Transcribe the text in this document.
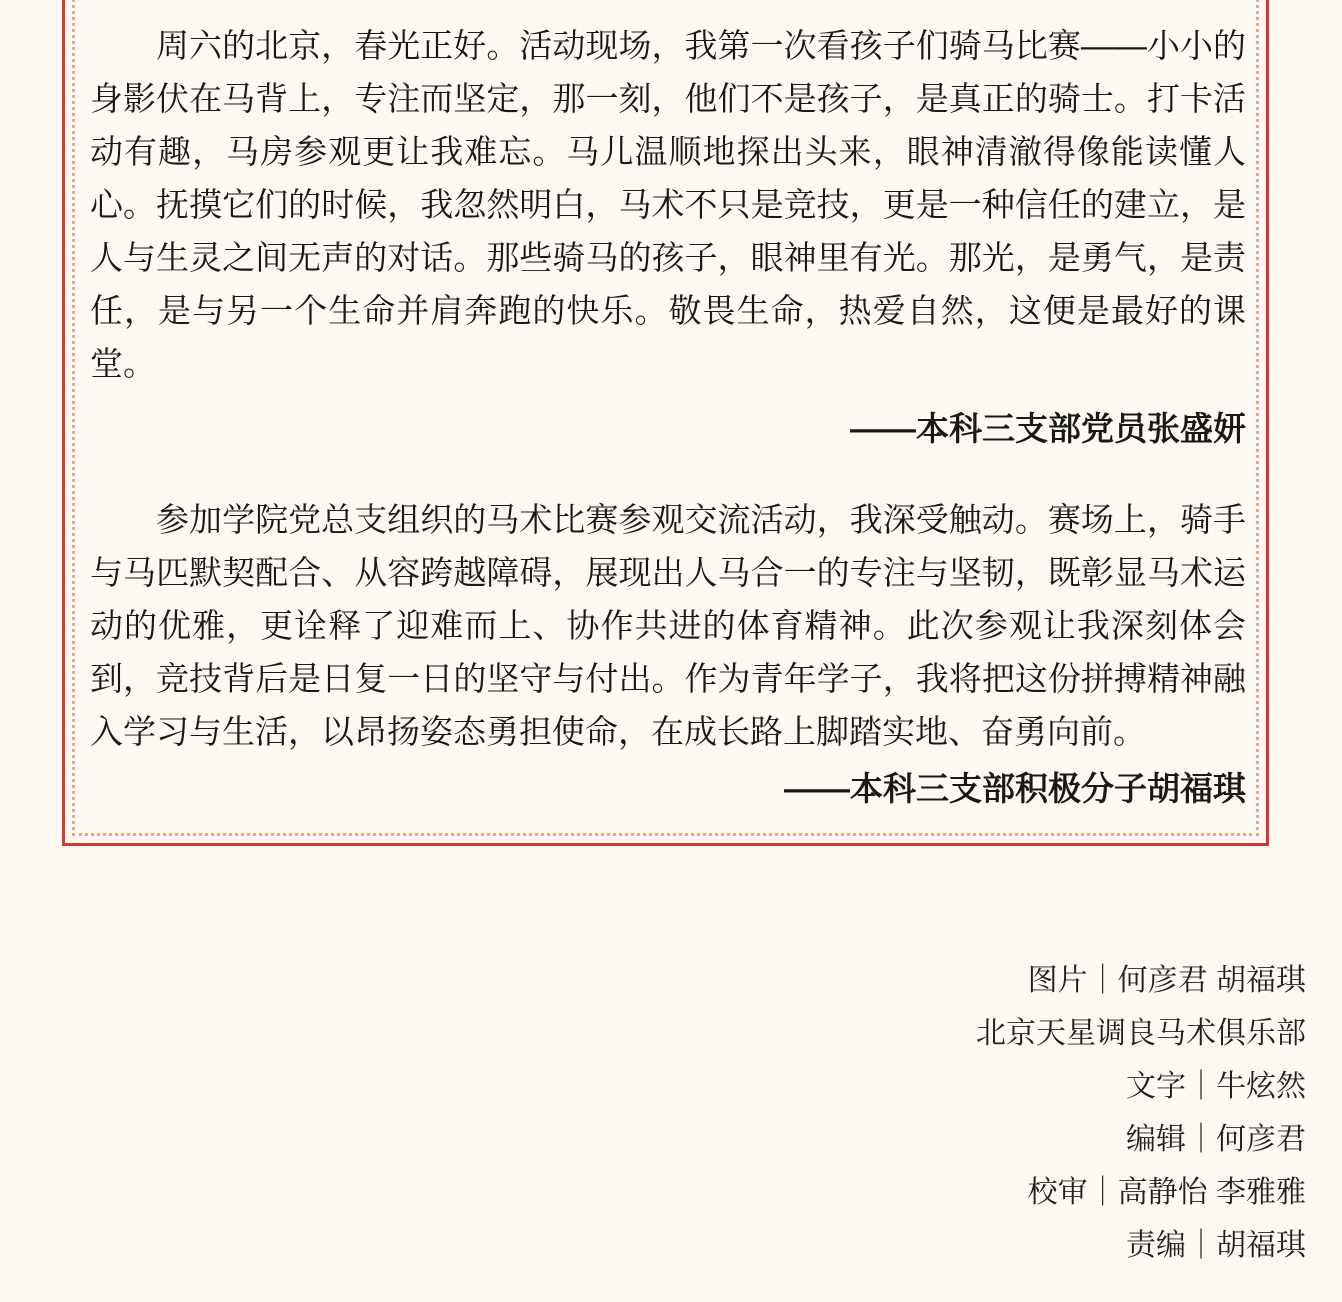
周六的北京，春光正好。活动现场，我第一次看孩子们骑马比赛——小小的身影伏在马背上，专注而坚定，那一刻，他们不是孩子，是真正的骑士。打卡活动有趣，马房参观更让我难忘。马儿温顺地探出头来，眼神清澈得像能读懂人心。抚摸它们的时候，我忽然明白，马术不只是竞技，更是一种信任的建立，是人与生灵之间无声的对话。那些骑马的孩子，眼神里有光。那光，是勇气，是责任，是与另一个生命并肩奔跑的快乐。敬畏生命，热爱自然，这便是最好的课堂。

——本科三支部党员张盛妍

参加学院党总支组织的马术比赛参观交流活动，我深受触动。赛场上，骑手与马匹默契配合、从容跨越障碍，展现出人马合一的专注与坚韧，既彰显马术运动的优雅，更诠释了迎难而上、协作共进的体育精神。此次参观让我深刻体会到，竞技背后是日复一日的坚守与付出。作为青年学子，我将把这份拼搏精神融入学习与生活，以昂扬姿态勇担使命，在成长路上脚踏实地、奋勇向前。

——本科三支部积极分子胡福琪

图片｜何彦君 胡福琪
北京天星调良马术俱乐部
文字｜牛炫然
编辑｜何彦君
校审｜高静怡 李雅雅
责编｜胡福琪
